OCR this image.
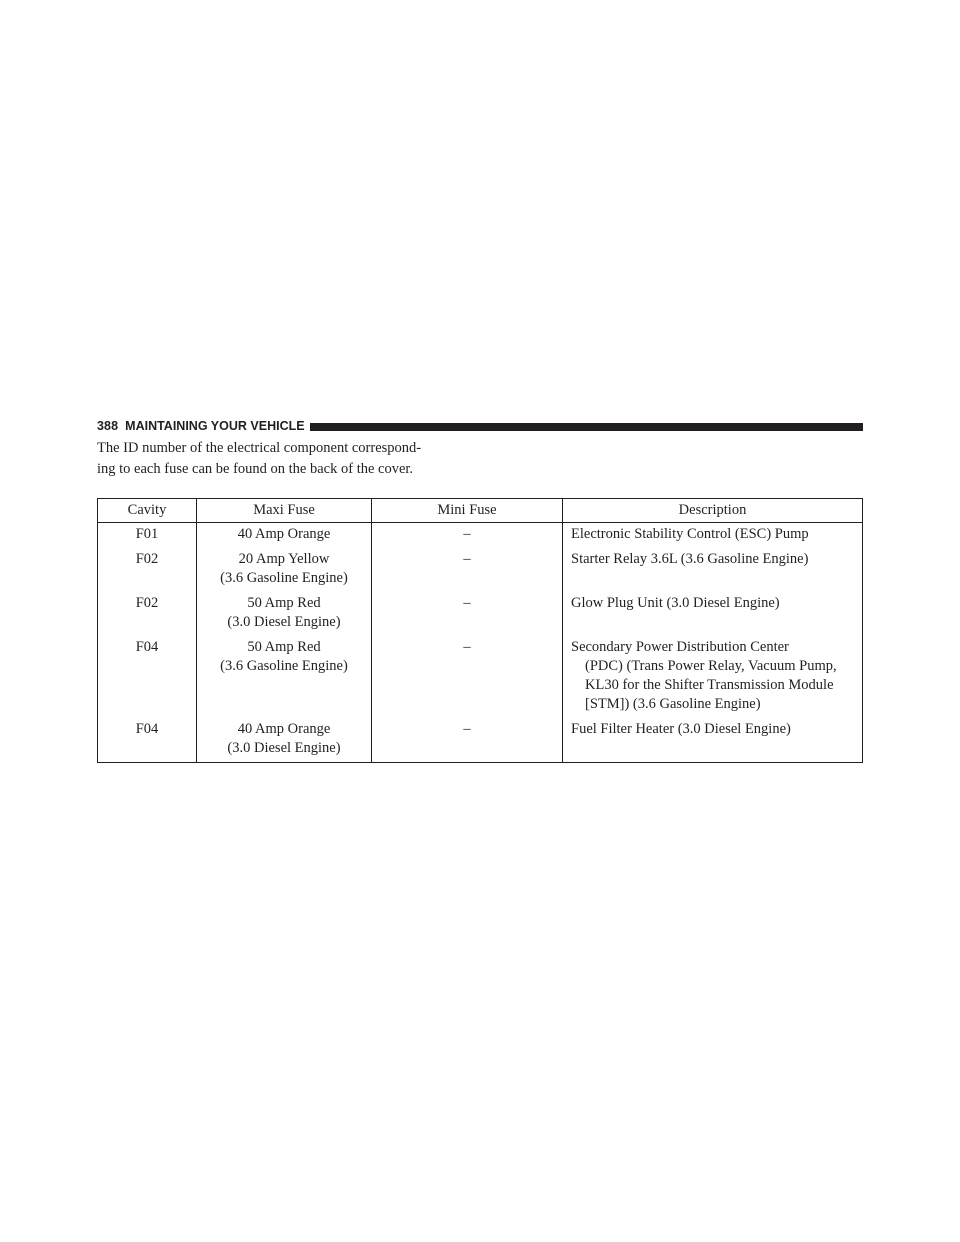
388 MAINTAINING YOUR VEHICLE
The ID number of the electrical component correspond-
ing to each fuse can be found on the back of the cover.
Cavity	Maxi Fuse	Mini Fuse	Description
F01	40 Amp Orange	–	Electronic Stability Control (ESC) Pump

F02	20 Amp Yellow
(3.6 Gasoline Engine)	–	Starter Relay 3.6L (3.6 Gasoline Engine)

F02	50 Amp Red
(3.0 Diesel Engine)	–	Glow Plug Unit (3.0 Diesel Engine)

F04	50 Amp Red
(3.6 Gasoline Engine)	–	Secondary Power Distribution Center
(PDC) (Trans Power Relay, Vacuum Pump,
KL30 for the Shifter Transmission Module
[STM]) (3.6 Gasoline Engine)

F04	40 Amp Orange
(3.0 Diesel Engine)	–	Fuel Filter Heater (3.0 Diesel Engine)
